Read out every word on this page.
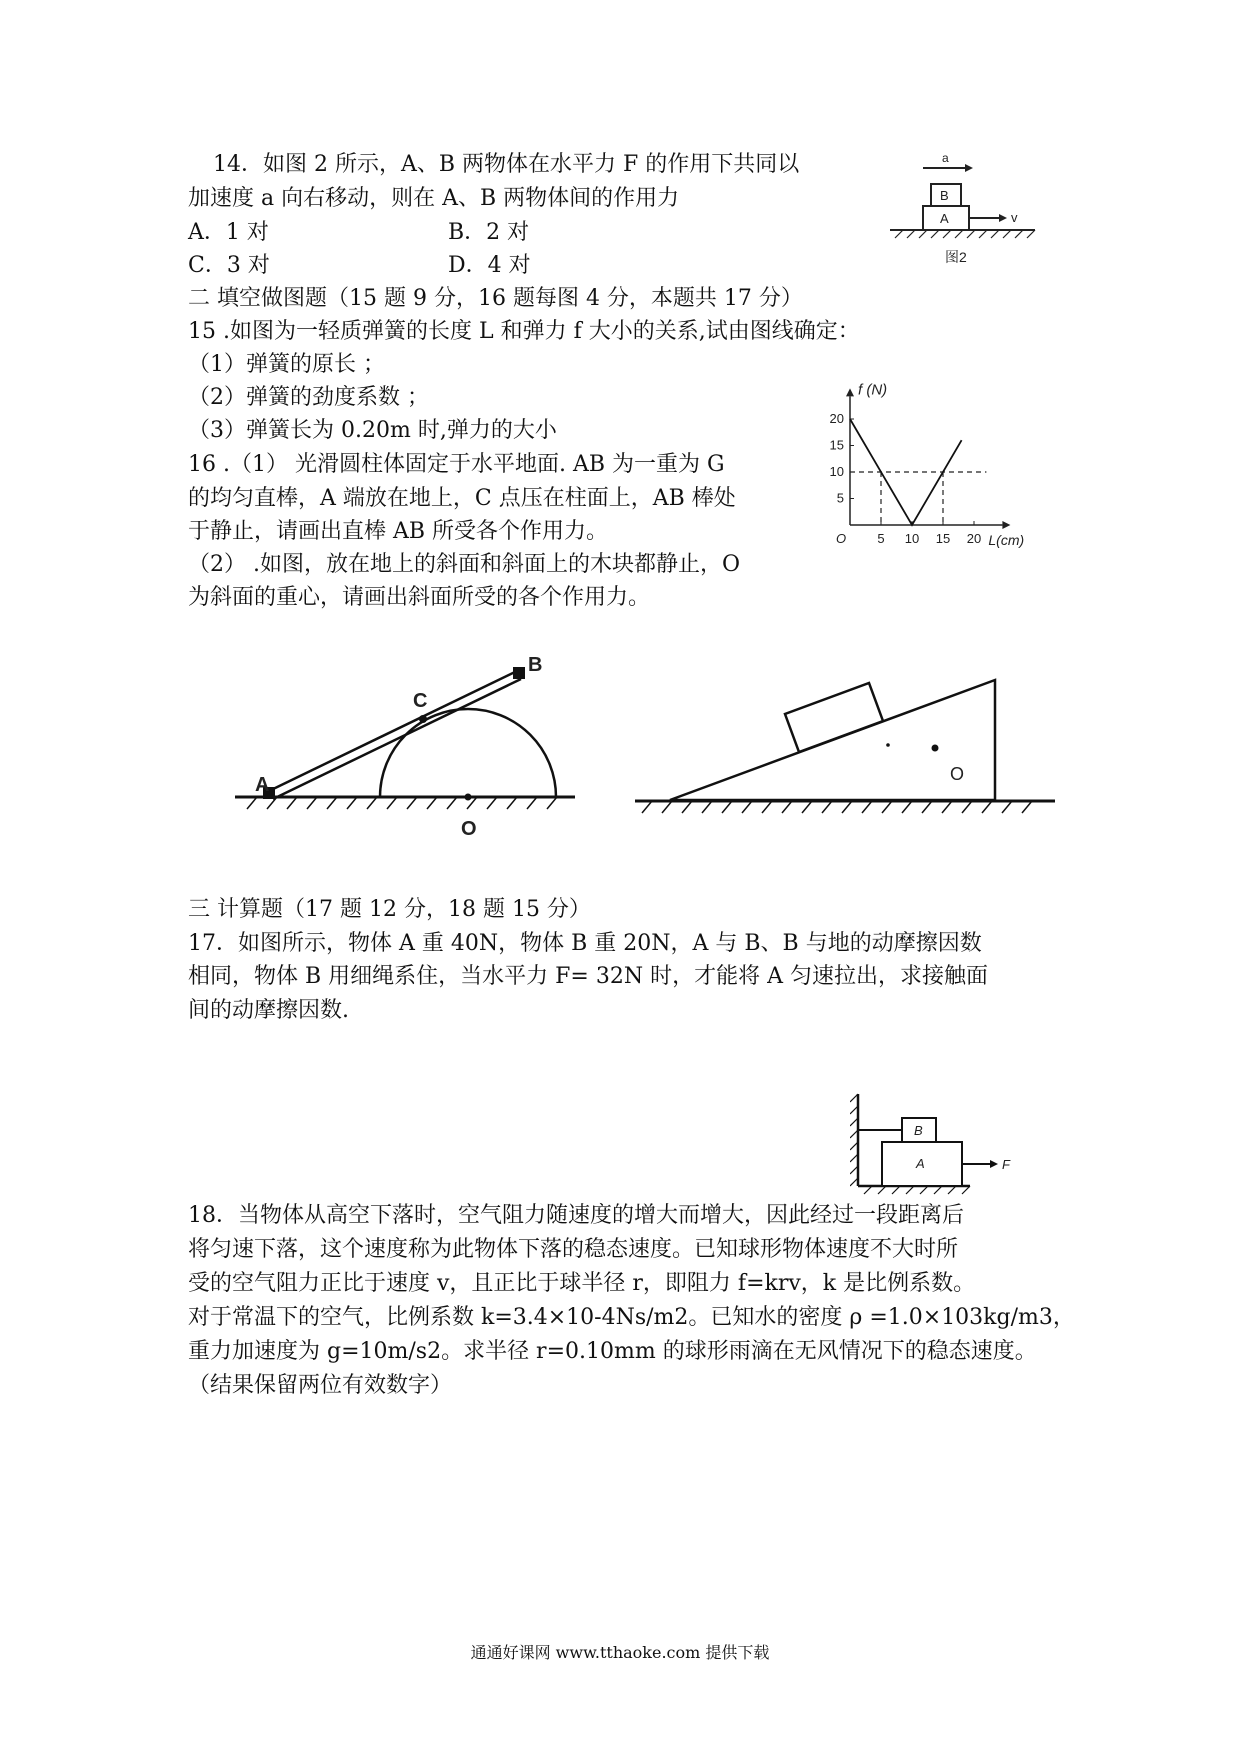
14．如图 2 所示，A、B 两物体在水平力 F 的作用下共同以
加速度 a 向右移动，则在 A、B 两物体间的作用力
A．1 对	B．2 对
C．3 对	D．4 对
a
B
A	v
图2
二 填空做图题（15 题 9 分，16 题每图 4 分，本题共 17 分）
15 .如图为一轻质弹簧的长度 L 和弹力 f 大小的关系,试由图线确定：
（1）弹簧的原长 ；
（2）弹簧的劲度系数 ；
（3）弹簧长为 0.20m 时,弹力的大小
5 10 15 20
5
10
15
20
O
f (N)
L(cm)
16 .（1） 光滑圆柱体固定于水平地面. AB 为一重为 G
的均匀直棒，A 端放在地上，C 点压在柱面上，AB 棒处
于静止，请画出直棒 AB 所受各个作用力。
（2） .如图，放在地上的斜面和斜面上的木块都静止，O
为斜面的重心，请画出斜面所受的各个作用力。
A
B
C
O
O
三 计算题（17 题 12 分，18 题 15 分）
17．如图所示，物体 A 重 40N，物体 B 重 20N，A 与 B、B 与地的动摩擦因数
相同，物体 B 用细绳系住，当水平力 F= 32N 时，才能将 A 匀速拉出，求接触面
间的动摩擦因数.
B
A	F
18．当物体从高空下落时，空气阻力随速度的增大而增大，因此经过一段距离后
将匀速下落，这个速度称为此物体下落的稳态速度。已知球形物体速度不大时所
受的空气阻力正比于速度 v，且正比于球半径 r，即阻力 f=krv，k 是比例系数。
对于常温下的空气，比例系数 k=3.4×10-4Ns/m2。已知水的密度 ρ =1.0×103kg/m3，
重力加速度为 g=10m/s2。求半径 r=0.10mm 的球形雨滴在无风情况下的稳态速度。
（结果保留两位有效数字）
通通好课网 www.tthaoke.com 提供下载
